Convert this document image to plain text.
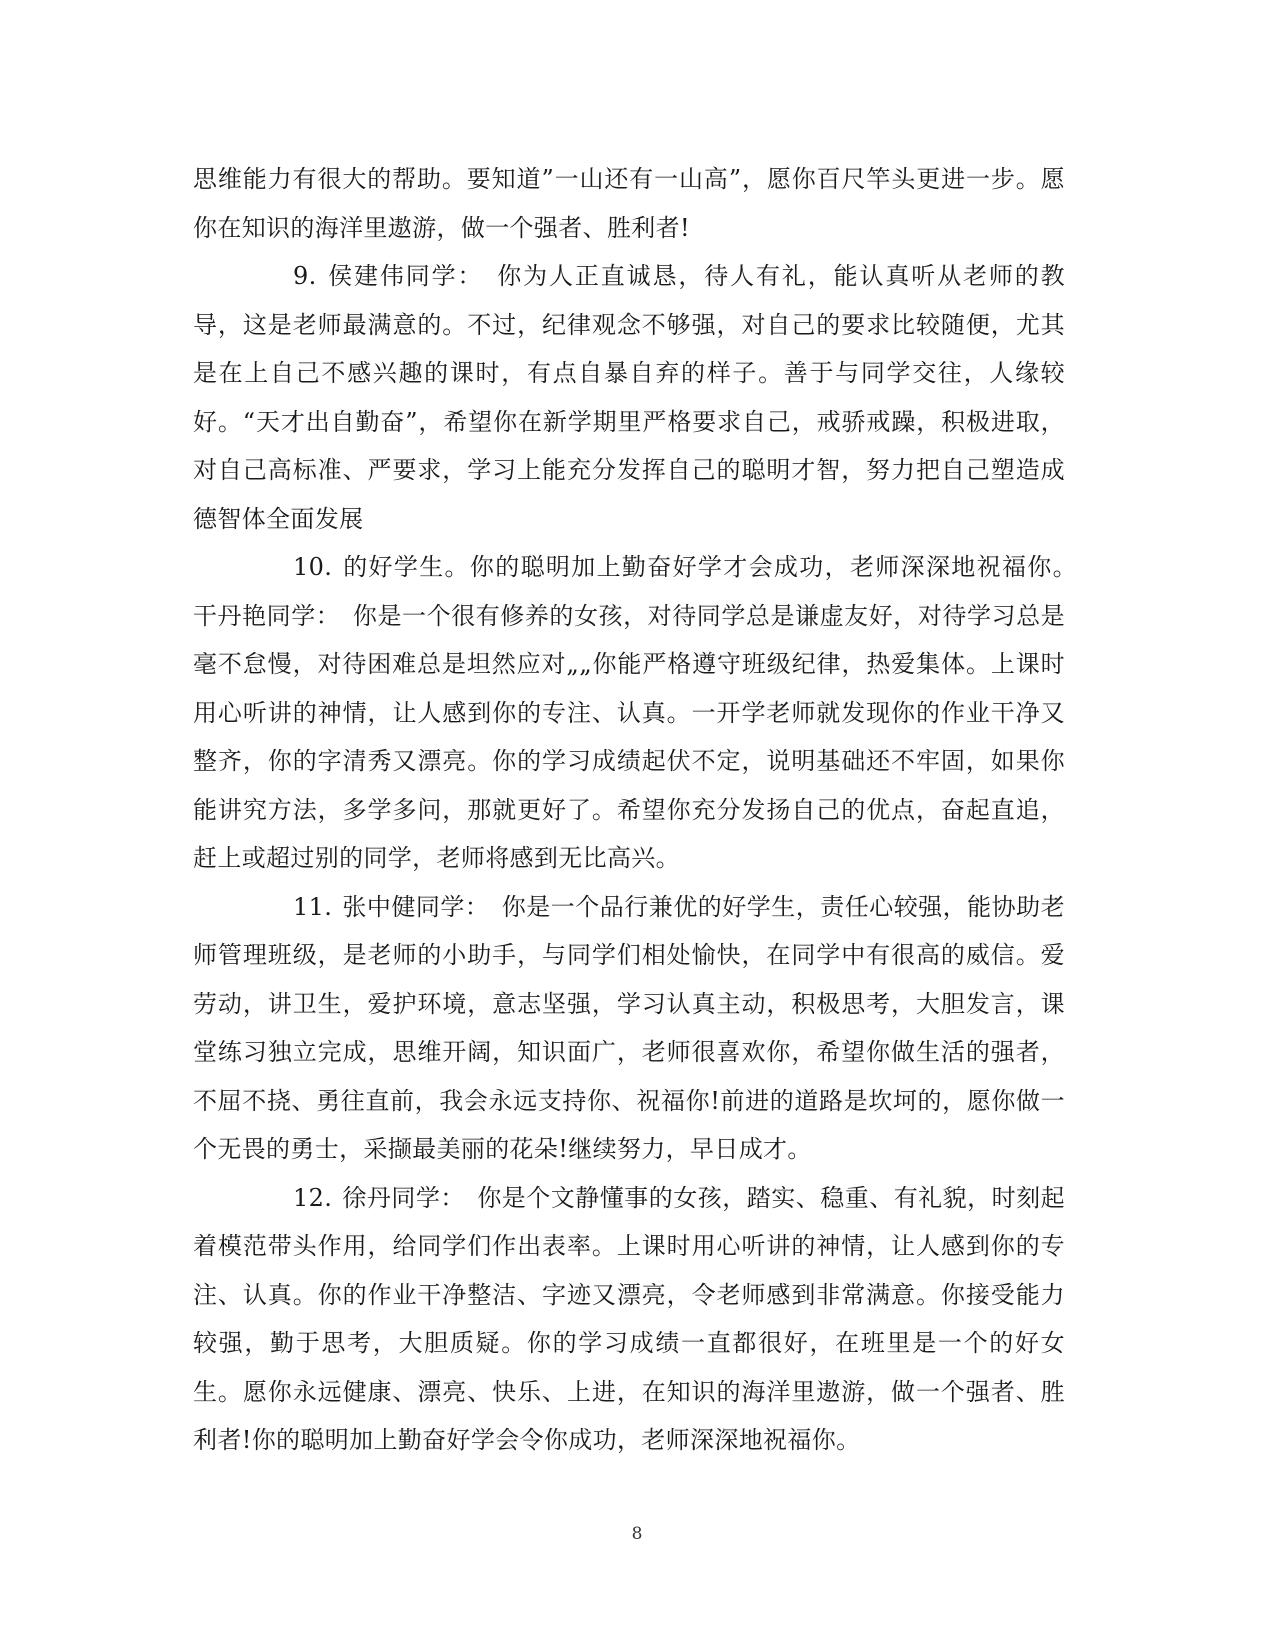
思维能力有很大的帮助。要知道”一山还有一山高”，愿你百尺竿头更进一步。愿你在知识的海洋里遨游，做一个强者、胜利者!

9. 侯建伟同学：　你为人正直诚恳，待人有礼，能认真听从老师的教导，这是老师最满意的。不过，纪律观念不够强，对自己的要求比较随便，尤其是在上自己不感兴趣的课时，有点自暴自弃的样子。善于与同学交往，人缘较好。“天才出自勤奋”，希望你在新学期里严格要求自己，戒骄戒躁，积极进取，对自己高标准、严要求，学习上能充分发挥自己的聪明才智，努力把自己塑造成德智体全面发展

10. 的好学生。你的聪明加上勤奋好学才会成功，老师深深地祝福你。　干丹艳同学：　你是一个很有修养的女孩，对待同学总是谦虚友好，对待学习总是毫不怠慢，对待困难总是坦然应对„„你能严格遵守班级纪律，热爱集体。上课时用心听讲的神情，让人感到你的专注、认真。一开学老师就发现你的作业干净又整齐，你的字清秀又漂亮。你的学习成绩起伏不定，说明基础还不牢固，如果你能讲究方法，多学多问，那就更好了。希望你充分发扬自己的优点，奋起直追，赶上或超过别的同学，老师将感到无比高兴。

11. 张中健同学：　你是一个品行兼优的好学生，责任心较强，能协助老师管理班级，是老师的小助手，与同学们相处愉快，在同学中有很高的威信。爱劳动，讲卫生，爱护环境，意志坚强，学习认真主动，积极思考，大胆发言，课堂练习独立完成，思维开阔，知识面广，老师很喜欢你，希望你做生活的强者，不屈不挠、勇往直前，我会永远支持你、祝福你!前进的道路是坎坷的，愿你做一个无畏的勇士，采撷最美丽的花朵!继续努力，早日成才。

12. 徐丹同学：　你是个文静懂事的女孩，踏实、稳重、有礼貌，时刻起着模范带头作用，给同学们作出表率。上课时用心听讲的神情，让人感到你的专注、认真。你的作业干净整洁、字迹又漂亮，令老师感到非常满意。你接受能力较强，勤于思考，大胆质疑。你的学习成绩一直都很好，在班里是一个的好女生。愿你永远健康、漂亮、快乐、上进，在知识的海洋里遨游，做一个强者、胜利者!你的聪明加上勤奋好学会令你成功，老师深深地祝福你。

8
